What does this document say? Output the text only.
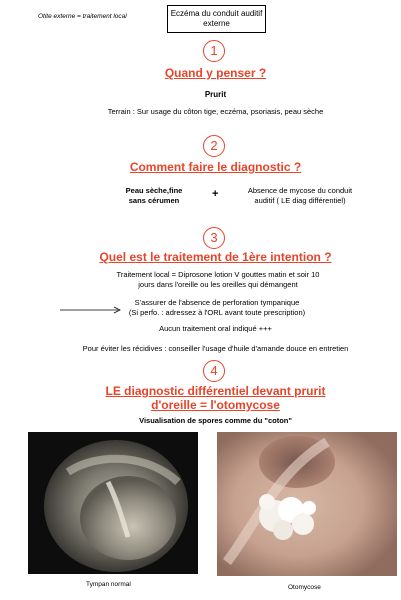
Otite externe = traitement local	Eczéma du conduit auditif
externe
1
Quand y penser ?
Prurit
Terrain : Sur usage du côton tige, eczéma, psoriasis, peau sèche
2
Comment faire le diagnostic ?
Peau sèche,fine
sans cérumen
+	Absence de mycose du conduit
auditif ( LE diag différentiel)
3
Quel est le traitement de 1ère intention ?
Traitement local = Diprosone lotion V gouttes matin et soir 10
jours dans l'oreille ou les oreilles qui démangent
S'assurer de l'absence de perforation tympanique
(Si perfo. : adressez à l'ORL avant toute prescription)
Aucun traitement oral indiqué +++
Pour éviter les récidives : conseiller l'usage d'huile d'amande douce en entretien
4
LE diagnostic différentiel devant prurit
d'oreille = l'otomycose
Visualisation de spores comme du "coton"
Tympan normal	Otomycose
